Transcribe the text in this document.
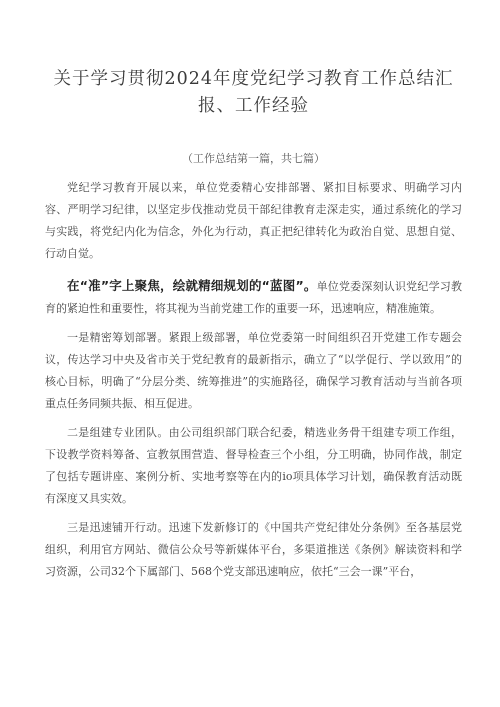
关于学习贯彻2024年度党纪学习教育工作总结汇
报、工作经验

（工作总结第一篇，共七篇）

党纪学习教育开展以来，单位党委精心安排部署、紧扣目标要求、明确学习内容、严明学习纪律，以坚定步伐推动党员干部纪律教育走深走实，通过系统化的学习与实践，将党纪内化为信念，外化为行动，真正把纪律转化为政治自觉、思想自觉、行动自觉。

在“准”字上聚焦，绘就精细规划的“蓝图”。单位党委深刻认识党纪学习教育的紧迫性和重要性，将其视为当前党建工作的重要一环，迅速响应，精准施策。

一是精密筹划部署。紧跟上级部署，单位党委第一时间组织召开党建工作专题会议，传达学习中央及省市关于党纪教育的最新指示，确立了“以学促行、学以致用”的核心目标，明确了“分层分类、统筹推进”的实施路径，确保学习教育活动与当前各项重点任务同频共振、相互促进。

二是组建专业团队。由公司组织部门联合纪委，精选业务骨干组建专项工作组，下设教学资料筹备、宣教氛围营造、督导检查三个小组，分工明确，协同作战，制定了包括专题讲座、案例分析、实地考察等在内的io项具体学习计划，确保教育活动既有深度又具实效。

三是迅速铺开行动。迅速下发新修订的《中国共产党纪律处分条例》至各基层党组织，利用官方网站、微信公众号等新媒体平台，多渠道推送《条例》解读资料和学习资源，公司32个下属部门、568个党支部迅速响应，依托“三会一课”平台，
